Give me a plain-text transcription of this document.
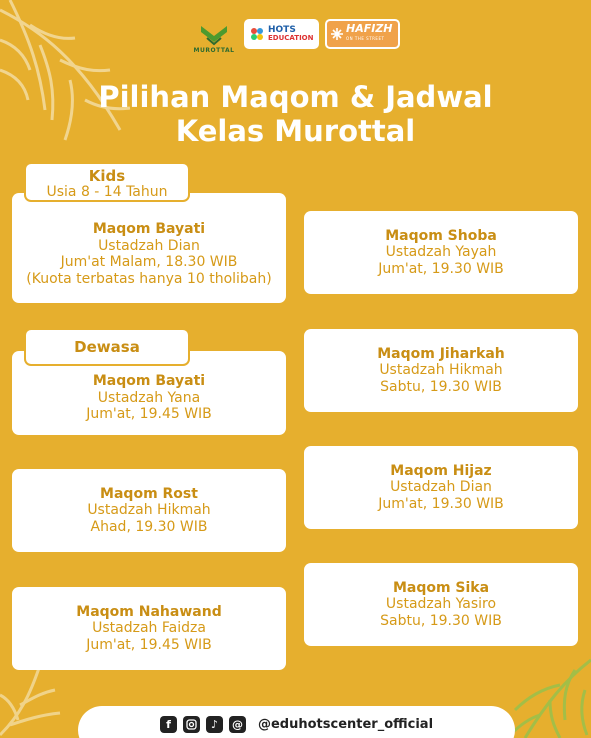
MUROTTAL
HOTS
EDUCATION
HAFIZH
ON THE STREET
Pilihan Maqom & Jadwal
Kelas Murottal
Maqom Bayati
Ustadzah Dian
Jum'at Malam, 18.30 WIB
(Kuota terbatas hanya 10 tholibah)
Kids
Usia 8 - 14 Tahun
Maqom Bayati
Ustadzah Yana
Jum'at, 19.45 WIB
Dewasa
Maqom Rost
Ustadzah Hikmah
Ahad, 19.30 WIB
Maqom Nahawand
Ustadzah Faidza
Jum'at, 19.45 WIB
Maqom Shoba
Ustadzah Yayah
Jum'at, 19.30 WIB
Maqom Jiharkah
Ustadzah Hikmah
Sabtu, 19.30 WIB
Maqom Hijaz
Ustadzah Dian
Jum'at, 19.30 WIB
Maqom Sika
Ustadzah Yasiro
Sabtu, 19.30 WIB
f	♪	@ @eduhotscenter_official
